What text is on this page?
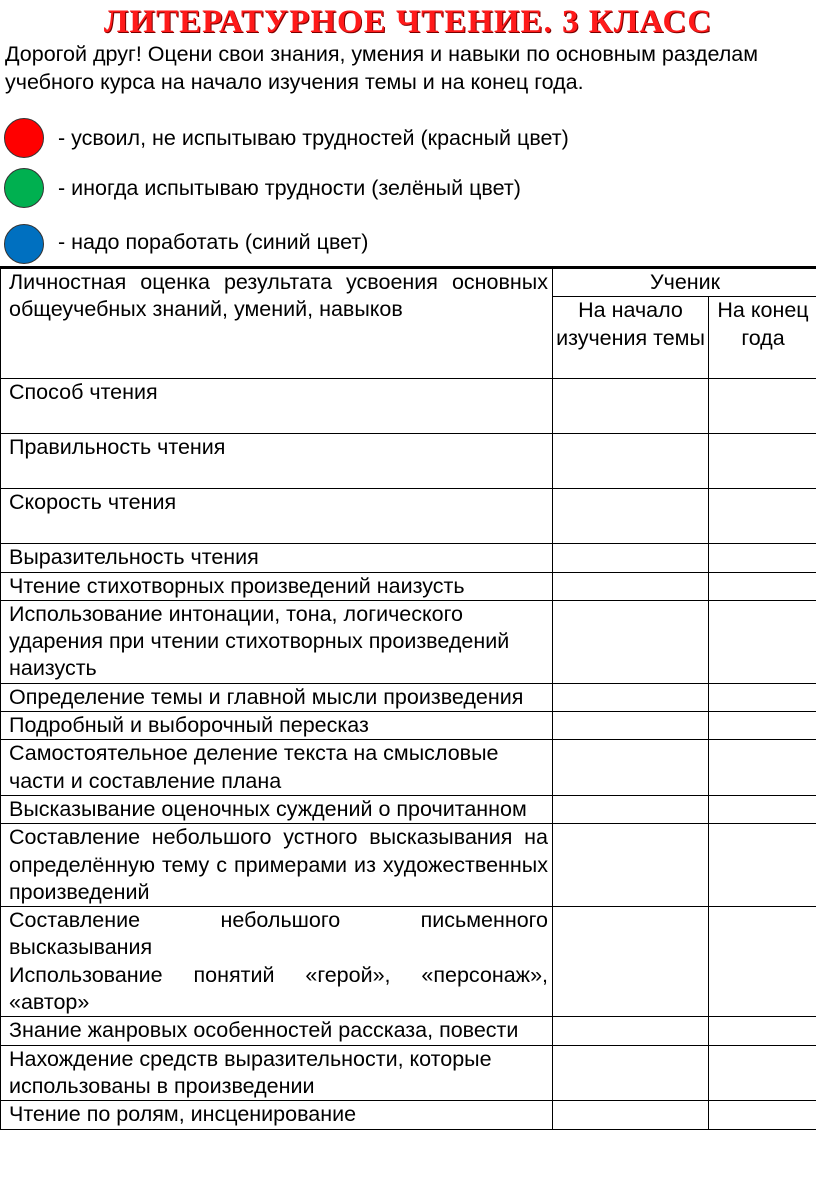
ЛИТЕРАТУРНОЕ ЧТЕНИЕ. 3 КЛАСС
Дорогой друг! Оцени свои знания, умения и навыки по основным разделам учебного курса на начало изучения темы и на конец года.
- усвоил, не испытываю трудностей (красный цвет)
- иногда испытываю трудности (зелёный цвет)
- надо поработать (синий цвет)
Личностная оценка результата усвоения основных общеучебных знаний, умений, навыков	Ученик	
	На начало изучения темы	На конец года
Способ чтения		
Правильность чтения		
Скорость чтения		
Выразительность чтения		
Чтение стихотворных произведений наизусть		
Использование интонации, тона, логического ударения при чтении стихотворных произведений наизусть		
Определение темы и главной мысли произведения		
Подробный и выборочный пересказ		
Самостоятельное деление текста на смысловые части и составление плана		
Высказывание оценочных суждений о прочитанном		
Составление небольшого устного высказывания на определённую тему с примерами из художественных произведений		

Составление небольшого письменного высказывания
Использование понятий «герой», «персонаж», «автор»		

Знание жанровых особенностей рассказа, повести		
Нахождение средств выразительности, которые использованы в произведении		
Чтение по ролям, инсценирование		
